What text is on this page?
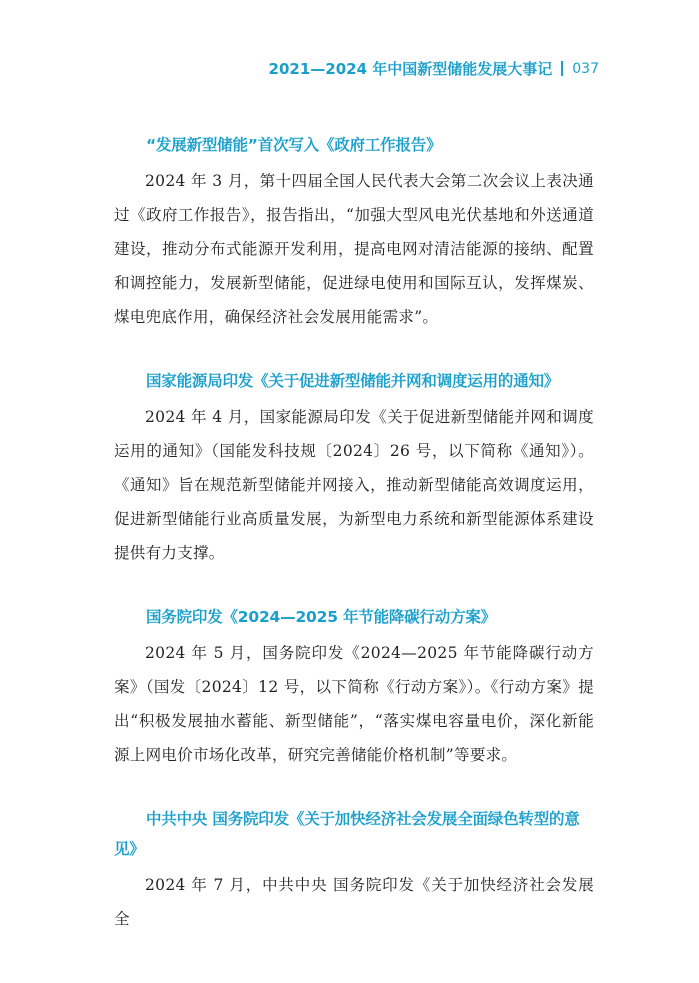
2021—2024 年中国新型储能发展大事记 037
“发展新型储能”首次写入《政府工作报告》

2024 年 3 月，第十四届全国人民代表大会第二次会议上表决通过《政府工作报告》，报告指出，“加强大型风电光伏基地和外送通道建设，推动分布式能源开发利用，提高电网对清洁能源的接纳、配置和调控能力，发展新型储能，促进绿电使用和国际互认，发挥煤炭、煤电兜底作用，确保经济社会发展用能需求”。

国家能源局印发《关于促进新型储能并网和调度运用的通知》

2024 年 4 月，国家能源局印发《关于促进新型储能并网和调度运用的通知》（国能发科技规〔2024〕26 号，以下简称《通知》）。《通知》旨在规范新型储能并网接入，推动新型储能高效调度运用，促进新型储能行业高质量发展，为新型电力系统和新型能源体系建设提供有力支撑。

国务院印发《2024—2025 年节能降碳行动方案》

2024 年 5 月，国务院印发《2024—2025 年节能降碳行动方案》（国发〔2024〕12 号，以下简称《行动方案》）。《行动方案》提出“积极发展抽水蓄能、新型储能”，“落实煤电容量电价，深化新能源上网电价市场化改革，研究完善储能价格机制”等要求。

中共中央 国务院印发《关于加快经济社会发展全面绿色转型的意见》

2024 年 7 月，中共中央 国务院印发《关于加快经济社会发展全
